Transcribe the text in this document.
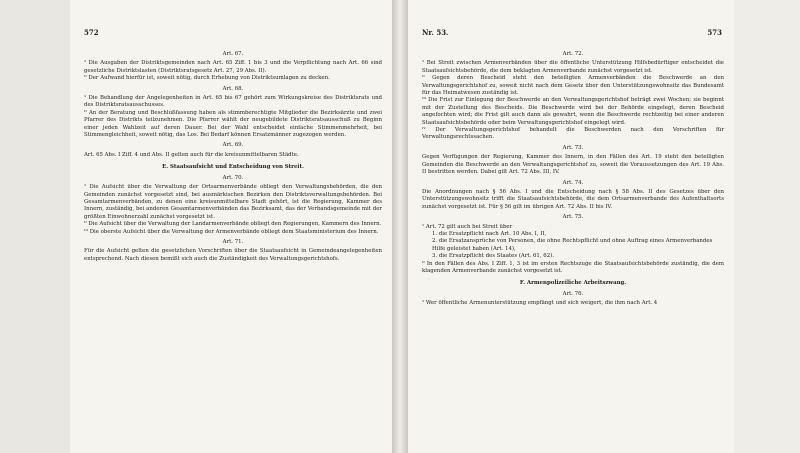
572
Art. 67.
¹ Die Ausgaben der Distriktsgemeinden nach Art. 65 Ziff. 1 bis 3 und die Verpflichtung nach Art. 66 sind gesetzliche Distriktslasten (Distriktsratsgesetz Art. 27, 29 Abs. II).
ᴵᴵ Der Aufwand hierfür ist, soweit nötig, durch Erhebung von Distriktsumlagen zu decken.
Art. 68.
¹ Die Behandlung der Angelegenheiten in Art. 65 bis 67 gehört zum Wirkungskreise des Distriktsrats und des Distriktsratsausschusses.
ᴵᴵ An der Beratung und Beschlußfassung haben als stimmberechtigte Mitglieder die Bezirksärzte und zwei Pfarrer des Distrikts teilzunehmen. Die Pfarrer wählt der neugebildete Distriktsratsausschuß zu Beginn einer jeden Wahlzeit auf deren Dauer. Bei der Wahl entscheidet einfache Stimmenmehrheit, bei Stimmengleichheit, soweit nötig, das Los. Bei Bedarf können Ersatzmänner zugezogen werden.
Art. 69.
Art. 65 Abs. I Ziff. 4 und Abs. II gelten auch für die kreisunmittelbaren Städte.
E. Staatsaufsicht und Entscheidung von Streit.
Art. 70.
¹ Die Aufsicht über die Verwaltung der Ortsarmenverbände obliegt den Verwaltungsbehörden, die den Gemeinden zunächst vorgesetzt sind, bei ausmärkischen Bezirken den Distriktsverwaltungsbehörden. Bei Gesamtarmenverbänden, zu denen eine kreisunmittelbare Stadt gehört, ist die Regierung, Kammer des Innern, zuständig, bei anderen Gesamtarmenverbänden das Bezirksamt, das der Verbandsgemeinde mit der größten Einwohnerzahl zunächst vorgesetzt ist.
ᴵᴵ Die Aufsicht über die Verwaltung der Landarmenverbände obliegt den Regierungen, Kammern des Innern.
ᴵᴵᴵ Die oberste Aufsicht über die Verwaltung der Armenverbände obliegt dem Staatsministerium des Innern.
Art. 71.
Für die Aufsicht gelten die gesetzlichen Vorschriften über die Staatsaufsicht in Gemeindeangelegenheiten entsprechend. Nach diesen bemißt sich auch die Zuständigkeit des Verwaltungsgerichtshofs.
Nr. 53.	573
Art. 72.
¹ Bei Streit zwischen Armenverbänden über die öffentliche Unterstützung Hilfsbedürftiger entscheidet die Staatsaufsichtsbehörde, die dem beklagten Armenverbande zunächst vorgesetzt ist.
ᴵᴵ Gegen deren Bescheid steht den beteiligten Armenverbänden die Beschwerde an den Verwaltungsgerichtshof zu, soweit nicht nach dem Gesetz über den Unterstützungswohnsitz das Bundesamt für das Heimatwesen zuständig ist.
ᴵᴵᴵ Die Frist zur Einlegung der Beschwerde an den Verwaltungsgerichtshof beträgt zwei Wochen; sie beginnt mit der Zustellung des Bescheids. Die Beschwerde wird bei der Behörde eingelegt, deren Bescheid angefochten wird; die Frist gilt auch dann als gewahrt, wenn die Beschwerde rechtzeitig bei einer anderen Staatsaufsichtsbehörde oder beim Verwaltungsgerichtshof eingelegt wird.
ᴵⱽ Der Verwaltungsgerichtshof behandelt die Beschwerden nach den Vorschriften für Verwaltungsrechtssachen.
Art. 73.
Gegen Verfügungen der Regierung, Kammer des Innern, in den Fällen des Art. 19 steht den beteiligten Gemeinden die Beschwerde an den Verwaltungsgerichtshof zu, soweit die Voraussetzungen des Art. 19 Abs. II bestritten werden. Dabei gilt Art. 72 Abs. III, IV.
Art. 74.
Die Anordnungen nach § 56 Abs. I und die Entscheidung nach § 58 Abs. II des Gesetzes über den Unterstützungswohnsitz trifft die Staatsaufsichtsbehörde, die dem Ortsarmenverbande des Aufenthaltsorts zunächst vorgesetzt ist. Für § 56 gilt im übrigen Art. 72 Abs. II bis IV.
Art. 75.
¹ Art. 72 gilt auch bei Streit über
1. die Ersatzpflicht nach Art. 10 Abs. I, II,
2. die Ersatzansprüche von Personen, die ohne Rechtspflicht und ohne Auftrag eines Armenverbandes Hilfe geleistet haben (Art. 14),
3. die Ersatzpflicht des Staates (Art. 61, 62).
ᴵᴵ In den Fällen des Abs. I Ziff. 1, 3 ist im ersten Rechtszuge die Staatsaufsichtsbehörde zuständig, die dem klagenden Armenverbande zunächst vorgesetzt ist.
F. Armenpolizeiliche Arbeitszwang.
Art. 76.
¹ Wer öffentliche Armenunterstützung empfängt und sich weigert, die ihm nach Art. 4
